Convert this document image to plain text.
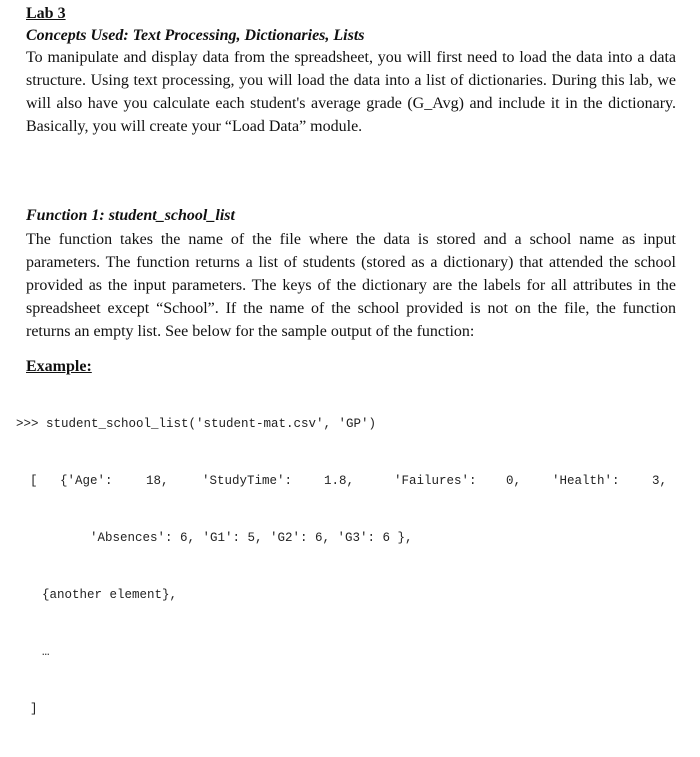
Lab 3

Concepts Used: Text Processing, Dictionaries, Lists

To manipulate and display data from the spreadsheet, you will first need to load the data into a data structure. Using text processing, you will load the data into a list of dictionaries. During this lab, we will also have you calculate each student's average grade (G_Avg) and include it in the dictionary. Basically, you will create your “Load Data” module.

Function 1: student_school_list

The function takes the name of the file where the data is stored and a school name as input parameters. The function returns a list of students (stored as a dictionary) that attended the school provided as the input parameters. The keys of the dictionary are the labels for all attributes in the spreadsheet except “School”. If the name of the school provided is not on the file, the function returns an empty list. See below for the sample output of the function:

Example:

>>> student_school_list('student-mat.csv', 'GP')

[

{'Age':

	18,

	'StudyTime':

	1.8,

	'Failures':

0,

'Health':

	3,

'Absences': 6, 'G1': 5, 'G2': 6, 'G3': 6 },

{another element},

…

]
